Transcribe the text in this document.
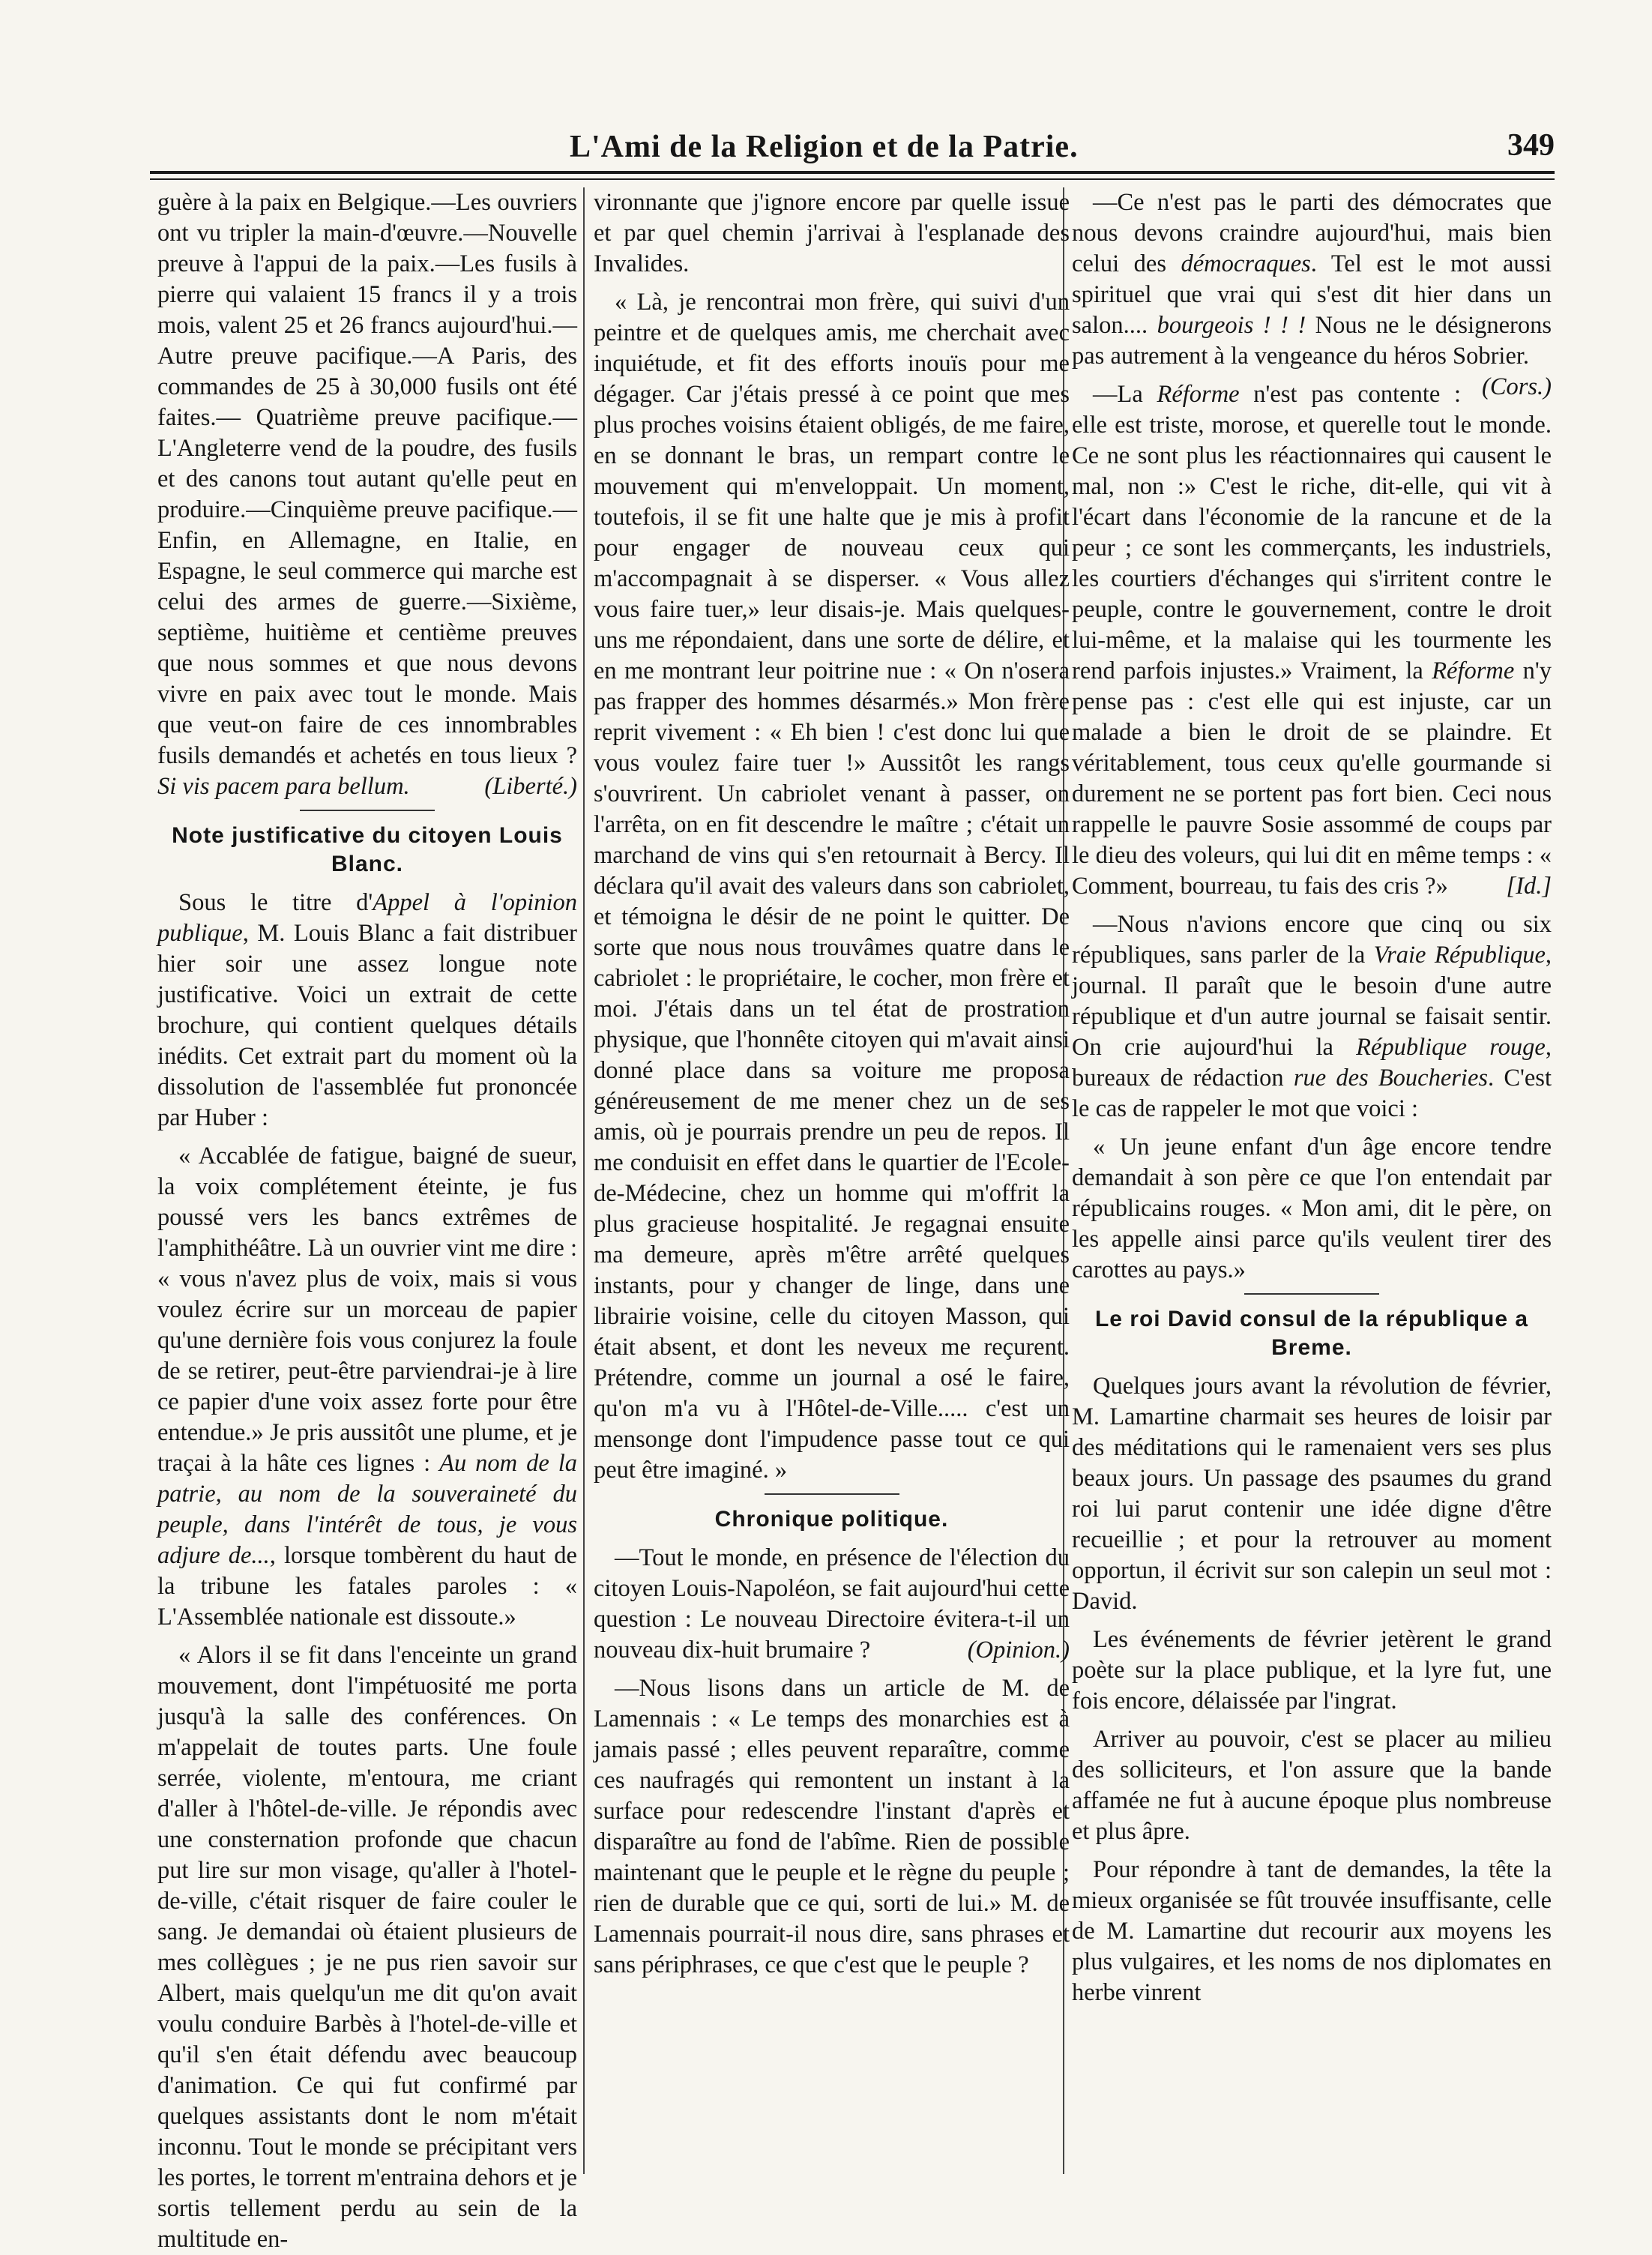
L'Ami de la Religion et de la Patrie.	349

guère à la paix en Belgique.—Les ouvriers ont vu tripler la main-d'œuvre.—Nouvelle preuve à l'appui de la paix.—Les fusils à pierre qui valaient 15 francs il y a trois mois, valent 25 et 26 francs aujourd'hui.—Autre preuve pacifique.—A Paris, des commandes de 25 à 30,000 fusils ont été faites.— Quatrième preuve pacifique.—L'Angleterre vend de la poudre, des fusils et des canons tout autant qu'elle peut en produire.—Cinquième preuve pacifique.—Enfin, en Allemagne, en Italie, en Espagne, le seul commerce qui marche est celui des armes de guerre.—Sixième, septième, huitième et centième preuves que nous sommes et que nous devons vivre en paix avec tout le monde. Mais que veut-on faire de ces innombrables fusils demandés et achetés en tous lieux ? Si vis pacem para bellum.	(Liberté.)

Note justificative du citoyen Louis Blanc.

Sous le titre d'Appel à l'opinion publique, M. Louis Blanc a fait distribuer hier soir une assez longue note justificative. Voici un extrait de cette brochure, qui contient quelques détails inédits. Cet extrait part du moment où la dissolution de l'assemblée fut prononcée par Huber :

« Accablée de fatigue, baigné de sueur, la voix complétement éteinte, je fus poussé vers les bancs extrêmes de l'amphithéâtre. Là un ouvrier vint me dire : « vous n'avez plus de voix, mais si vous voulez écrire sur un morceau de papier qu'une dernière fois vous conjurez la foule de se retirer, peut-être parviendrai-je à lire ce papier d'une voix assez forte pour être entendue.» Je pris aussitôt une plume, et je traçai à la hâte ces lignes : Au nom de la patrie, au nom de la souveraineté du peuple, dans l'intérêt de tous, je vous adjure de..., lorsque tombèrent du haut de la tribune les fatales paroles : « L'Assemblée nationale est dissoute.»

« Alors il se fit dans l'enceinte un grand mouvement, dont l'impétuosité me porta jusqu'à la salle des conférences. On m'appelait de toutes parts. Une foule serrée, violente, m'entoura, me criant d'aller à l'hôtel-de-ville. Je répondis avec une consternation profonde que chacun put lire sur mon visage, qu'aller à l'hotel-de-ville, c'était risquer de faire couler le sang. Je demandai où étaient plusieurs de mes collègues ; je ne pus rien savoir sur Albert, mais quelqu'un me dit qu'on avait voulu conduire Barbès à l'hotel-de-ville et qu'il s'en était défendu avec beaucoup d'animation. Ce qui fut confirmé par quelques assistants dont le nom m'était inconnu. Tout le monde se précipitant vers les portes, le torrent m'entraina dehors et je sortis tellement perdu au sein de la multitude en-

vironnante que j'ignore encore par quelle issue et par quel chemin j'arrivai à l'esplanade des Invalides.

« Là, je rencontrai mon frère, qui suivi d'un peintre et de quelques amis, me cherchait avec inquiétude, et fit des efforts inouïs pour me dégager. Car j'étais pressé à ce point que mes plus proches voisins étaient obligés, de me faire, en se donnant le bras, un rempart contre le mouvement qui m'enveloppait. Un moment, toutefois, il se fit une halte que je mis à profit pour engager de nouveau ceux qui m'accompagnait à se disperser. « Vous allez vous faire tuer,» leur disais-je. Mais quelques-uns me répondaient, dans une sorte de délire, et en me montrant leur poitrine nue : « On n'osera pas frapper des hommes désarmés.» Mon frère reprit vivement : « Eh bien ! c'est donc lui que vous voulez faire tuer !» Aussitôt les rangs s'ouvrirent. Un cabriolet venant à passer, on l'arrêta, on en fit descendre le maître ; c'était un marchand de vins qui s'en retournait à Bercy. Il déclara qu'il avait des valeurs dans son cabriolet, et témoigna le désir de ne point le quitter. De sorte que nous nous trouvâmes quatre dans le cabriolet : le propriétaire, le cocher, mon frère et moi. J'étais dans un tel état de prostration physique, que l'honnête citoyen qui m'avait ainsi donné place dans sa voiture me proposa généreusement de me mener chez un de ses amis, où je pourrais prendre un peu de repos. Il me conduisit en effet dans le quartier de l'Ecole-de-Médecine, chez un homme qui m'offrit la plus gracieuse hospitalité. Je regagnai ensuite ma demeure, après m'être arrêté quelques instants, pour y changer de linge, dans une librairie voisine, celle du citoyen Masson, qui était absent, et dont les neveux me reçurent. Prétendre, comme un journal a osé le faire, qu'on m'a vu à l'Hôtel-de-Ville..... c'est un mensonge dont l'impudence passe tout ce qui peut être imaginé. »

Chronique politique.

—Tout le monde, en présence de l'élection du citoyen Louis-Napoléon, se fait aujourd'hui cette question : Le nouveau Directoire évitera-t-il un nouveau dix-huit brumaire ?	(Opinion.)

—Nous lisons dans un article de M. de Lamennais : « Le temps des monarchies est à jamais passé ; elles peuvent reparaître, comme ces naufragés qui remontent un instant à la surface pour redescendre l'instant d'après et disparaître au fond de l'abîme. Rien de possible maintenant que le peuple et le règne du peuple ; rien de durable que ce qui, sorti de lui.» M. de Lamennais pourrait-il nous dire, sans phrases et sans périphrases, ce que c'est que le peuple ?

—Ce n'est pas le parti des démocrates que nous devons craindre aujourd'hui, mais bien celui des démocraques. Tel est le mot aussi spirituel que vrai qui s'est dit hier dans un salon.... bourgeois ! ! ! Nous ne le désignerons pas autrement à la vengeance du héros Sobrier.
(Cors.)

—La Réforme n'est pas contente : elle est triste, morose, et querelle tout le monde. Ce ne sont plus les réactionnaires qui causent le mal, non :» C'est le riche, dit-elle, qui vit à l'écart dans l'économie de la rancune et de la peur ; ce sont les commerçants, les industriels, les courtiers d'échanges qui s'irritent contre le peuple, contre le gouvernement, contre le droit lui-même, et la malaise qui les tourmente les rend parfois injustes.» Vraiment, la Réforme n'y pense pas : c'est elle qui est injuste, car un malade a bien le droit de se plaindre. Et véritablement, tous ceux qu'elle gourmande si durement ne se portent pas fort bien. Ceci nous rappelle le pauvre Sosie assommé de coups par le dieu des voleurs, qui lui dit en même temps : « Comment, bourreau, tu fais des cris ?»	[Id.]

—Nous n'avions encore que cinq ou six républiques, sans parler de la Vraie République, journal. Il paraît que le besoin d'une autre république et d'un autre journal se faisait sentir. On crie aujourd'hui la République rouge, bureaux de rédaction rue des Boucheries. C'est le cas de rappeler le mot que voici :

« Un jeune enfant d'un âge encore tendre demandait à son père ce que l'on entendait par républicains rouges. « Mon ami, dit le père, on les appelle ainsi parce qu'ils veulent tirer des carottes au pays.»

Le roi David consul de la république a Breme.

Quelques jours avant la révolution de février, M. Lamartine charmait ses heures de loisir par des méditations qui le ramenaient vers ses plus beaux jours. Un passage des psaumes du grand roi lui parut contenir une idée digne d'être recueillie ; et pour la retrouver au moment opportun, il écrivit sur son calepin un seul mot : David.

Les événements de février jetèrent le grand poète sur la place publique, et la lyre fut, une fois encore, délaissée par l'ingrat.

Arriver au pouvoir, c'est se placer au milieu des solliciteurs, et l'on assure que la bande affamée ne fut à aucune époque plus nombreuse et plus âpre.

Pour répondre à tant de demandes, la tête la mieux organisée se fût trouvée insuffisante, celle de M. Lamartine dut recourir aux moyens les plus vulgaires, et les noms de nos diplomates en herbe vinrent
